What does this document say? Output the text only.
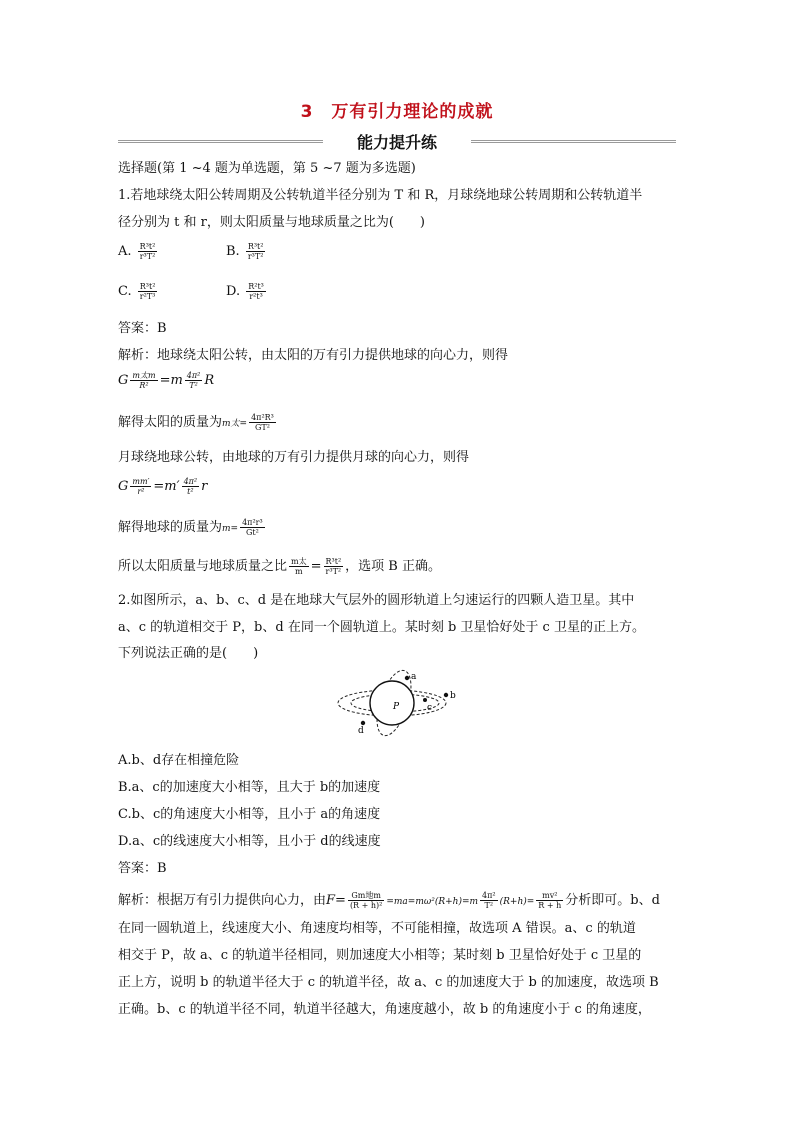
3 万有引力理论的成就
能力提升练
选择题(第 1 ~4 题为单选题，第 5 ~7 题为多选题)
1.若地球绕太阳公转周期及公转轨道半径分别为 T 和 R，月球绕地球公转周期和公转轨道半
径分别为 t 和 r，则太阳质量与地球质量之比为(　　)
A. $\frac{\text{R³t²}}{\text{r³T²}}$	B. $\frac{\text{R³t²}}{\text{r³T²}}$
C. $\frac{\text{R³t²}}{\text{r²T³}}$	D. $\frac{\text{R²t³}}{\text{r²t³}}$
答案：B
解析：地球绕太阳公转，由太阳的万有引力提供地球的向心力，则得
G $\frac{\text{m太m}}{\text{R²}} =m \frac{\text{4π²}}{\text{T²}}$ R
解得太阳的质量为m太= $\frac{\text{4π²R³}}{\text{GT²}}$
月球绕地球公转，由地球的万有引力提供月球的向心力，则得
G $\frac{mm'}{\text{r²}} =m' \frac{\text{4π²}}{\text{t²}}$ r
解得地球的质量为$m= \frac{\text{4π²r³}}{\text{Gt²}}$
所以太阳质量与地球质量之比 $\frac{\text{m太}}{m} = \frac{\text{R³t²}}{\text{r³T²}}$ ，选项 B 正确。
2.如图所示，a、b、c、d 是在地球大气层外的圆形轨道上匀速运行的四颗人造卫星。其中
a、c 的轨道相交于 P，b、d 在同一个圆轨道上。某时刻 b 卫星恰好处于 c 卫星的正上方。
下列说法正确的是(　　)
a
b
c
d
P
A.b、d存在相撞危险
B.a、c的加速度大小相等，且大于 b的加速度
C.b、c的角速度大小相等，且小于 a的角速度
D.a、c的线速度大小相等，且小于 d的线速度
答案：B
解析：根据万有引力提供向心力，由$F= \frac{\text{Gm地m}}{\text{(R + h)²}} =ma=m\omega^2(R+h)=m \frac{\text{4π²}}{\text{T²}} (R+h)= \frac{\text{mv²}}{R + h}$ 分析即可。b、d
在同一圆轨道上，线速度大小、角速度均相等，不可能相撞，故选项 A 错误。a、c 的轨道
相交于 P，故 a、c 的轨道半径相同，则加速度大小相等；某时刻 b 卫星恰好处于 c 卫星的
正上方，说明 b 的轨道半径大于 c 的轨道半径，故 a、c 的加速度大于 b 的加速度，故选项 B
正确。b、c 的轨道半径不同，轨道半径越大，角速度越小，故 b 的角速度小于 c 的角速度，
